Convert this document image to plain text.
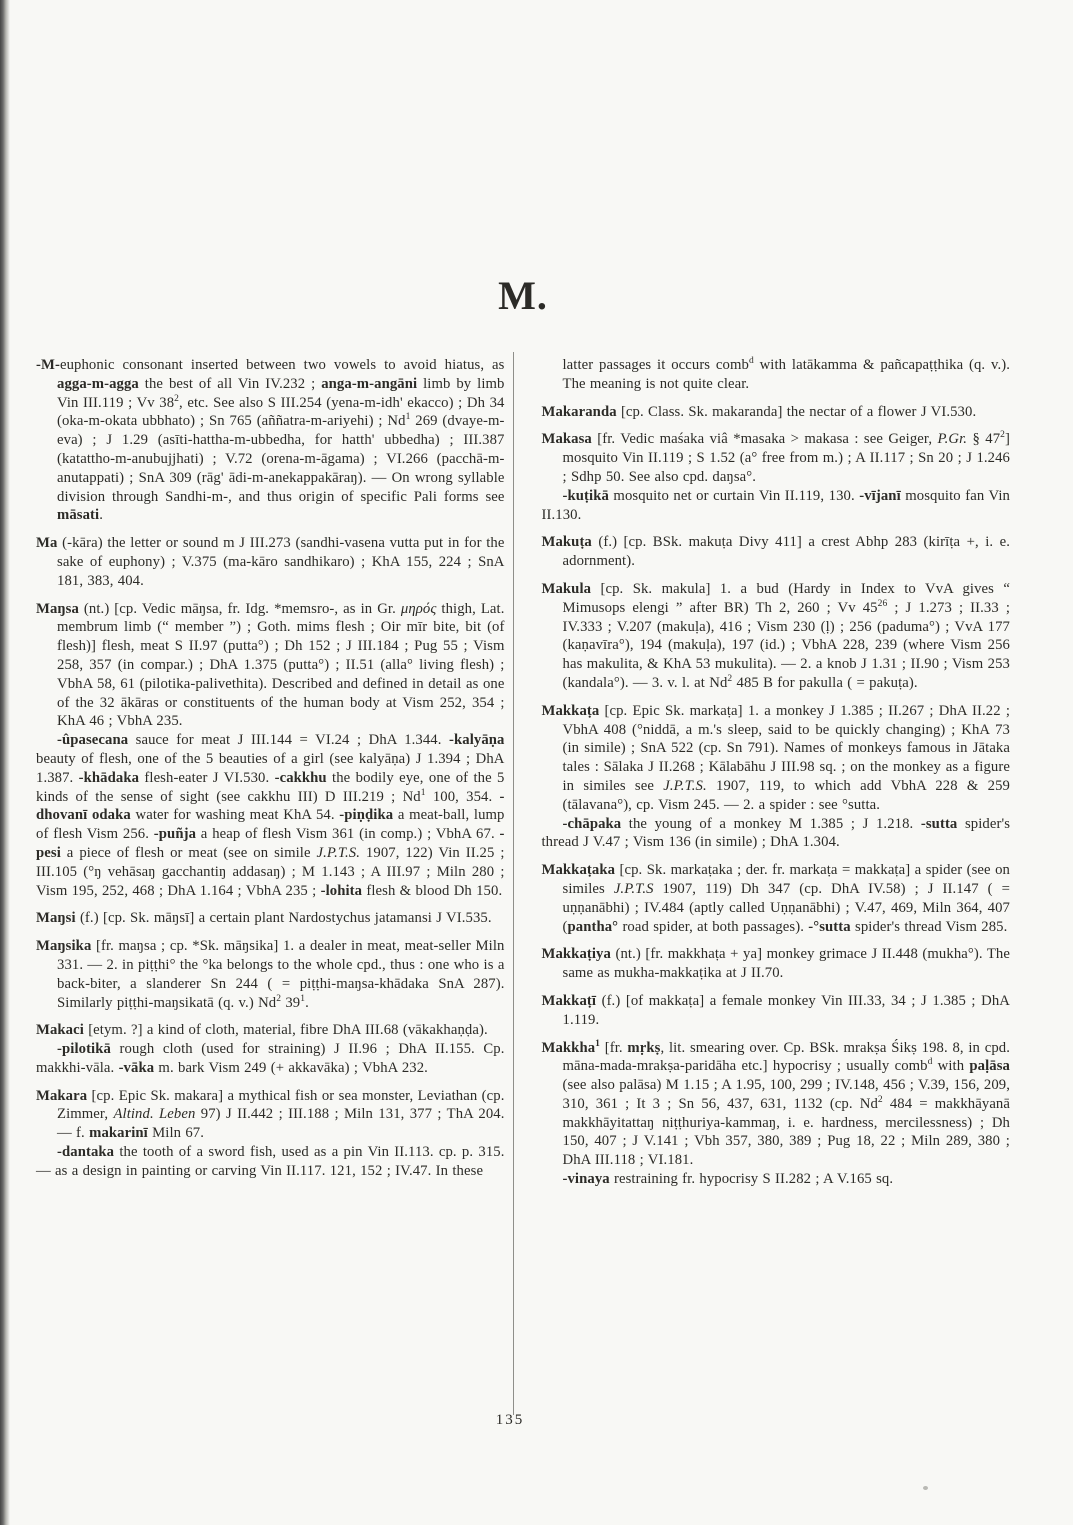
M.

-M-euphonic consonant inserted between two vowels to avoid hiatus, as agga-m-agga the best of all Vin IV.232 ; anga-m-angāni limb by limb Vin III.119 ; Vv $38^2$, etc. See also S III.254 (yena-m-idh' ekacco) ; Dh 34 (oka-m-okata ubbhato) ; Sn 765 (aññatra-m-ariyehi) ; Nd$^1$ 269 (dvaye-m-eva) ; J 1.29 (asīti-hattha-m-ubbedha, for hatth' ubbedha) ; III.387 (katattho-m-anubujjhati) ; V.72 (orena-m-āgama) ; VI.266 (pacchā-m-anutappati) ; SnA 309 (rāg' ādi-m-anekappakāraŋ). — On wrong syllable division through Sandhi-m-, and thus origin of specific Pali forms see māsati.

Ma (-kāra) the letter or sound m J III.273 (sandhi-vasena vutta put in for the sake of euphony) ; V.375 (ma-kāro sandhikaro) ; KhA 155, 224 ; SnA 181, 383, 404.

Maŋsa (nt.) [cp. Vedic māŋsa, fr. Idg. *memsro-, as in Gr. μηρός thigh, Lat. membrum limb (“ member ”) ; Goth. mims flesh ; Oir mīr bite, bit (of flesh)] flesh, meat S II.97 (putta°) ; Dh 152 ; J III.184 ; Pug 55 ; Vism 258, 357 (in compar.) ; DhA 1.375 (putta°) ; II.51 (alla° living flesh) ; VbhA 58, 61 (pilotika-palivethita). Described and defined in detail as one of the 32 ākāras or constituents of the human body at Vism 252, 354 ; KhA 46 ; VbhA 235.

-ûpasecana sauce for meat J III.144 = VI.24 ; DhA 1.344. -kalyāṇa beauty of flesh, one of the 5 beauties of a girl (see kalyāṇa) J 1.394 ; DhA 1.387. -khādaka flesh-eater J VI.530. -cakkhu the bodily eye, one of the 5 kinds of the sense of sight (see cakkhu III) D III.219 ; Nd$^1$ 100, 354. -dhovanī odaka water for washing meat KhA 54. -piṇḍika a meat-ball, lump of flesh Vism 256. -puñja a heap of flesh Vism 361 (in comp.) ; VbhA 67. -pesi a piece of flesh or meat (see on simile J.P.T.S. 1907, 122) Vin II.25 ; III.105 (°ŋ vehāsaŋ gacchantiŋ addasaŋ) ; M 1.143 ; A III.97 ; Miln 280 ; Vism 195, 252, 468 ; DhA 1.164 ; VbhA 235 ; -lohita flesh & blood Dh 150.

Maŋsi (f.) [cp. Sk. māŋsī] a certain plant Nardostychus jatamansi J VI.535.

Maŋsika [fr. maŋsa ; cp. *Sk. māŋsika] 1. a dealer in meat, meat-seller Miln 331. — 2. in piṭṭhi° the °ka belongs to the whole cpd., thus : one who is a back-biter, a slanderer Sn 244 ( = piṭṭhi-maŋsa-khādaka SnA 287). Similarly piṭṭhi-maŋsikatā (q. v.) Nd$^2$ $39^1$.

Makaci [etym. ?] a kind of cloth, material, fibre DhA III.68 (vākakhaṇḍa).

-pilotikā rough cloth (used for straining) J II.96 ; DhA II.155. Cp. makkhi-vāla. -vāka m. bark Vism 249 (+ akkavāka) ; VbhA 232.

Makara [cp. Epic Sk. makara] a mythical fish or sea monster, Leviathan (cp. Zimmer, Altind. Leben 97) J II.442 ; III.188 ; Miln 131, 377 ; ThA 204. — f. makarinī Miln 67.

-dantaka the tooth of a sword fish, used as a pin Vin II.113. cp. p. 315. — as a design in painting or carving Vin II.117. 121, 152 ; IV.47. In these

latter passages it occurs comb$^d$ with latākamma & pañcapaṭṭhika (q. v.). The meaning is not quite clear.

Makaranda [cp. Class. Sk. makaranda] the nectar of a flower J VI.530.

Makasa [fr. Vedic maśaka viâ *masaka > makasa : see Geiger, P.Gr. § $47^2$] mosquito Vin II.119 ; S 1.52 (a° free from m.) ; A II.117 ; Sn 20 ; J 1.246 ; Sdhp 50. See also cpd. daŋsa°.

-kuṭikā mosquito net or curtain Vin II.119, 130. -vījanī mosquito fan Vin II.130.

Makuṭa (f.) [cp. BSk. makuṭa Divy 411] a crest Abhp 283 (kirīṭa +, i. e. adornment).

Makula [cp. Sk. makula] 1. a bud (Hardy in Index to VvA gives “ Mimusops elengi ” after BR) Th 2, 260 ; Vv $45^{26}$ ; J 1.273 ; II.33 ; IV.333 ; V.207 (makuḷa), 416 ; Vism 230 (ḷ) ; 256 (paduma°) ; VvA 177 (kaṇavīra°), 194 (makuḷa), 197 (id.) ; VbhA 228, 239 (where Vism 256 has makulita, & KhA 53 mukulita). — 2. a knob J 1.31 ; II.90 ; Vism 253 (kandala°). — 3. v. l. at Nd$^2$ 485 B for pakulla ( = pakuṭa).

Makkaṭa [cp. Epic Sk. markaṭa] 1. a monkey J 1.385 ; II.267 ; DhA II.22 ; VbhA 408 (°niddā, a m.'s sleep, said to be quickly changing) ; KhA 73 (in simile) ; SnA 522 (cp. Sn 791). Names of monkeys famous in Jātaka tales : Sālaka J II.268 ; Kālabāhu J III.98 sq. ; on the monkey as a figure in similes see J.P.T.S. 1907, 119, to which add VbhA 228 & 259 (tālavana°), cp. Vism 245. — 2. a spider : see °sutta.

-chāpaka the young of a monkey M 1.385 ; J 1.218. -sutta spider's thread J V.47 ; Vism 136 (in simile) ; DhA 1.304.

Makkaṭaka [cp. Sk. markaṭaka ; der. fr. markaṭa = makkaṭa] a spider (see on similes J.P.T.S 1907, 119) Dh 347 (cp. DhA IV.58) ; J II.147 ( = uṇṇanābhi) ; IV.484 (aptly called Uṇṇanābhi) ; V.47, 469, Miln 364, 407 (pantha° road spider, at both passages). -°sutta spider's thread Vism 285.

Makkaṭiya (nt.) [fr. makkhaṭa + ya] monkey grimace J II.448 (mukha°). The same as mukha-makkaṭika at J II.70.

Makkaṭī (f.) [of makkaṭa] a female monkey Vin III.33, 34 ; J 1.385 ; DhA 1.119.

Makkha$^1$ [fr. mṛkṣ, lit. smearing over. Cp. BSk. mrakṣa Śikṣ 198. 8, in cpd. māna-mada-mrakṣa-paridāha etc.] hypocrisy ; usually comb$^d$ with paḷāsa (see also palāsa) M 1.15 ; A 1.95, 100, 299 ; IV.148, 456 ; V.39, 156, 209, 310, 361 ; It 3 ; Sn 56, 437, 631, 1132 (cp. Nd$^2$ 484 = makkhāyanā makkhāyitattaŋ niṭṭhuriya-kammaŋ, i. e. hardness, mercilessness) ; Dh 150, 407 ; J V.141 ; Vbh 357, 380, 389 ; Pug 18, 22 ; Miln 289, 380 ; DhA III.118 ; VI.181.

-vinaya restraining fr. hypocrisy S II.282 ; A V.165 sq.

135
